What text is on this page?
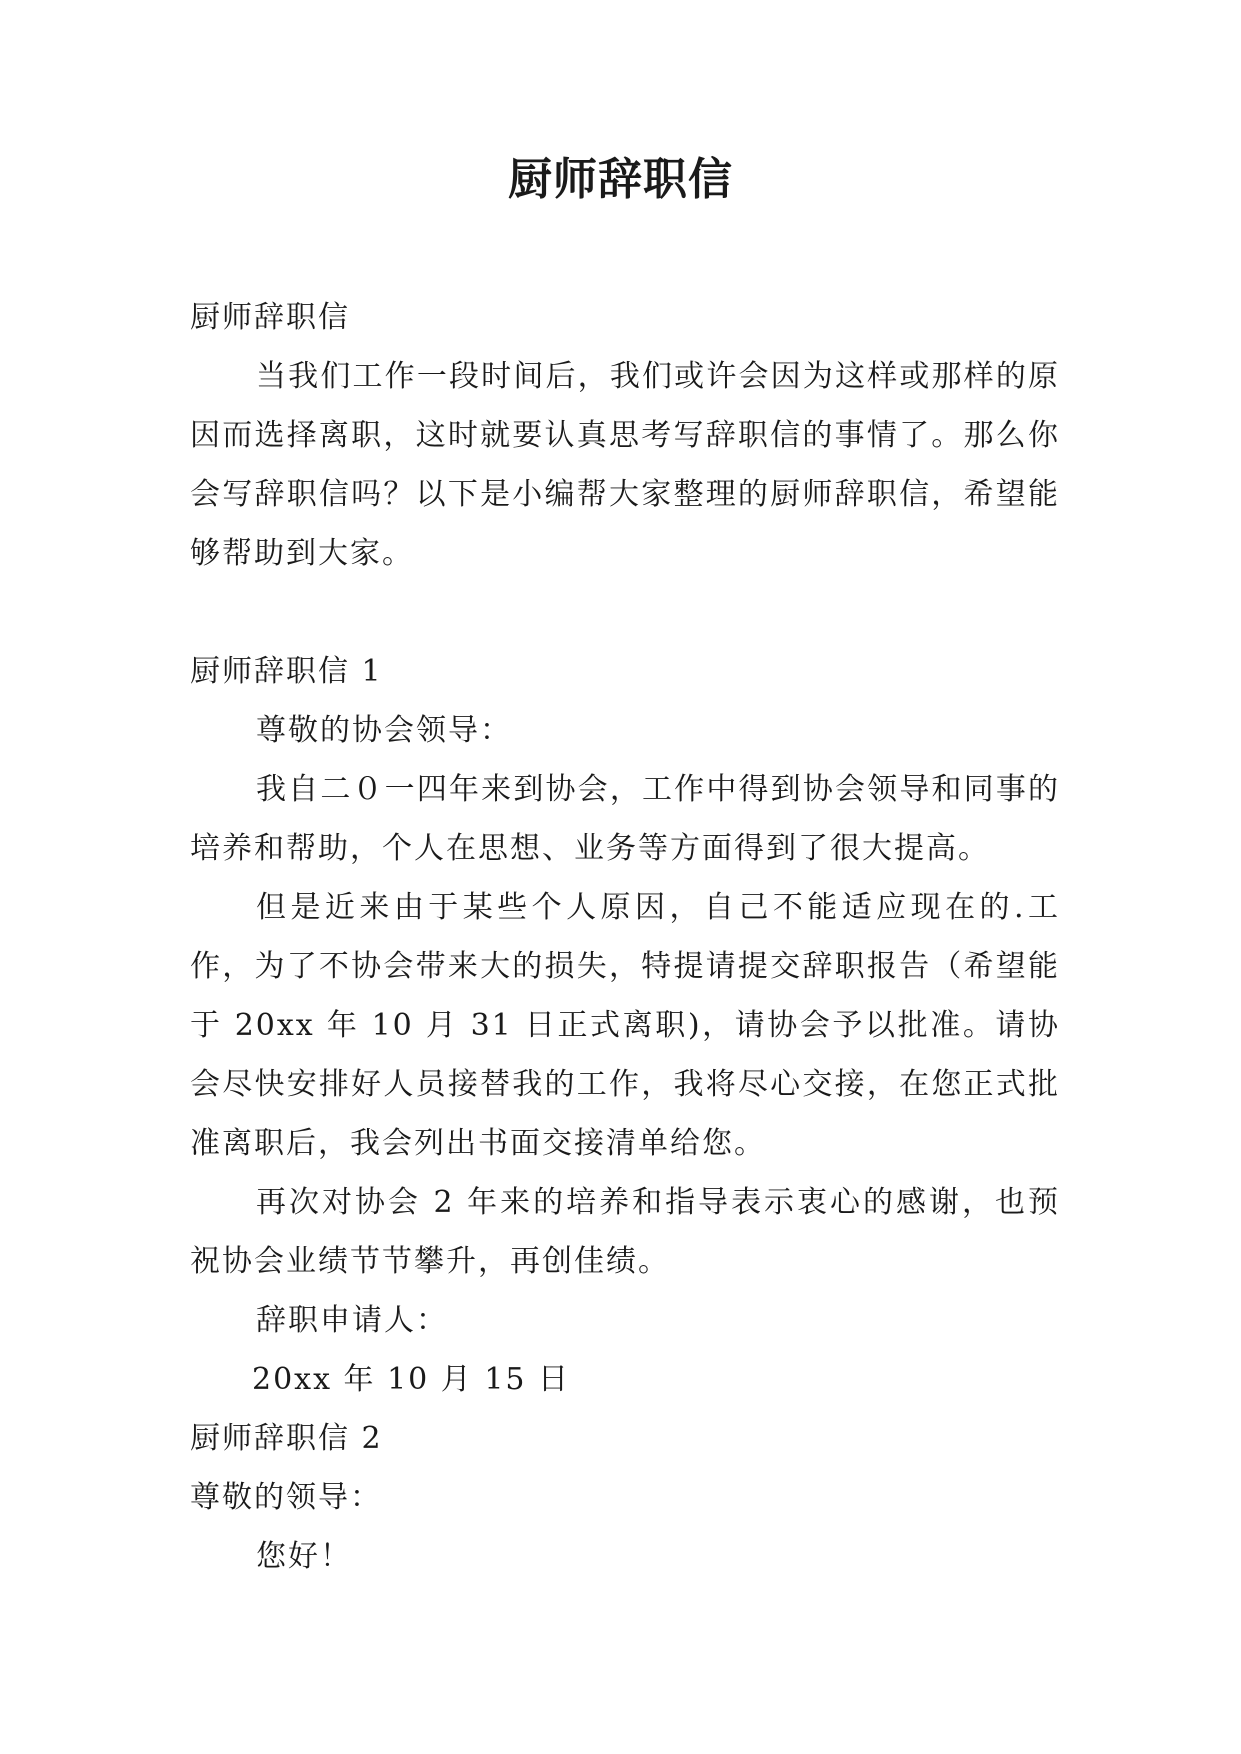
厨师辞职信

厨师辞职信

当我们工作一段时间后，我们或许会因为这样或那样的原因而选择离职，这时就要认真思考写辞职信的事情了。那么你会写辞职信吗？以下是小编帮大家整理的厨师辞职信，希望能够帮助到大家。

厨师辞职信 1

尊敬的协会领导：

我自二０一四年来到协会，工作中得到协会领导和同事的培养和帮助，个人在思想、业务等方面得到了很大提高。

但是近来由于某些个人原因，自己不能适应现在的.工作，为了不协会带来大的损失，特提请提交辞职报告（希望能于 20xx 年 10 月 31 日正式离职)，请协会予以批准。请协会尽快安排好人员接替我的工作，我将尽心交接，在您正式批准离职后，我会列出书面交接清单给您。

再次对协会 2 年来的培养和指导表示衷心的感谢，也预祝协会业绩节节攀升，再创佳绩。

辞职申请人：

20xx 年 10 月 15 日

厨师辞职信 2

尊敬的领导：

您好！
